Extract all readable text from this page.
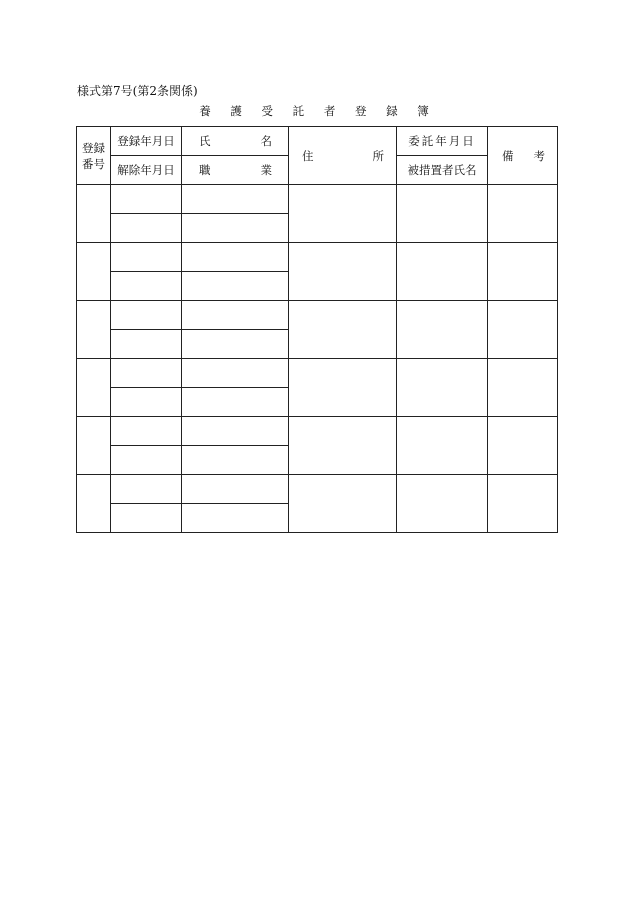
様式第7号(第2条関係)
養 護 受 託 者 登 録 簿
登録
番号	登録年月日	氏 名	住 所	委託年月日	備 考

	解除年月日	職 業		被措置者氏名	
